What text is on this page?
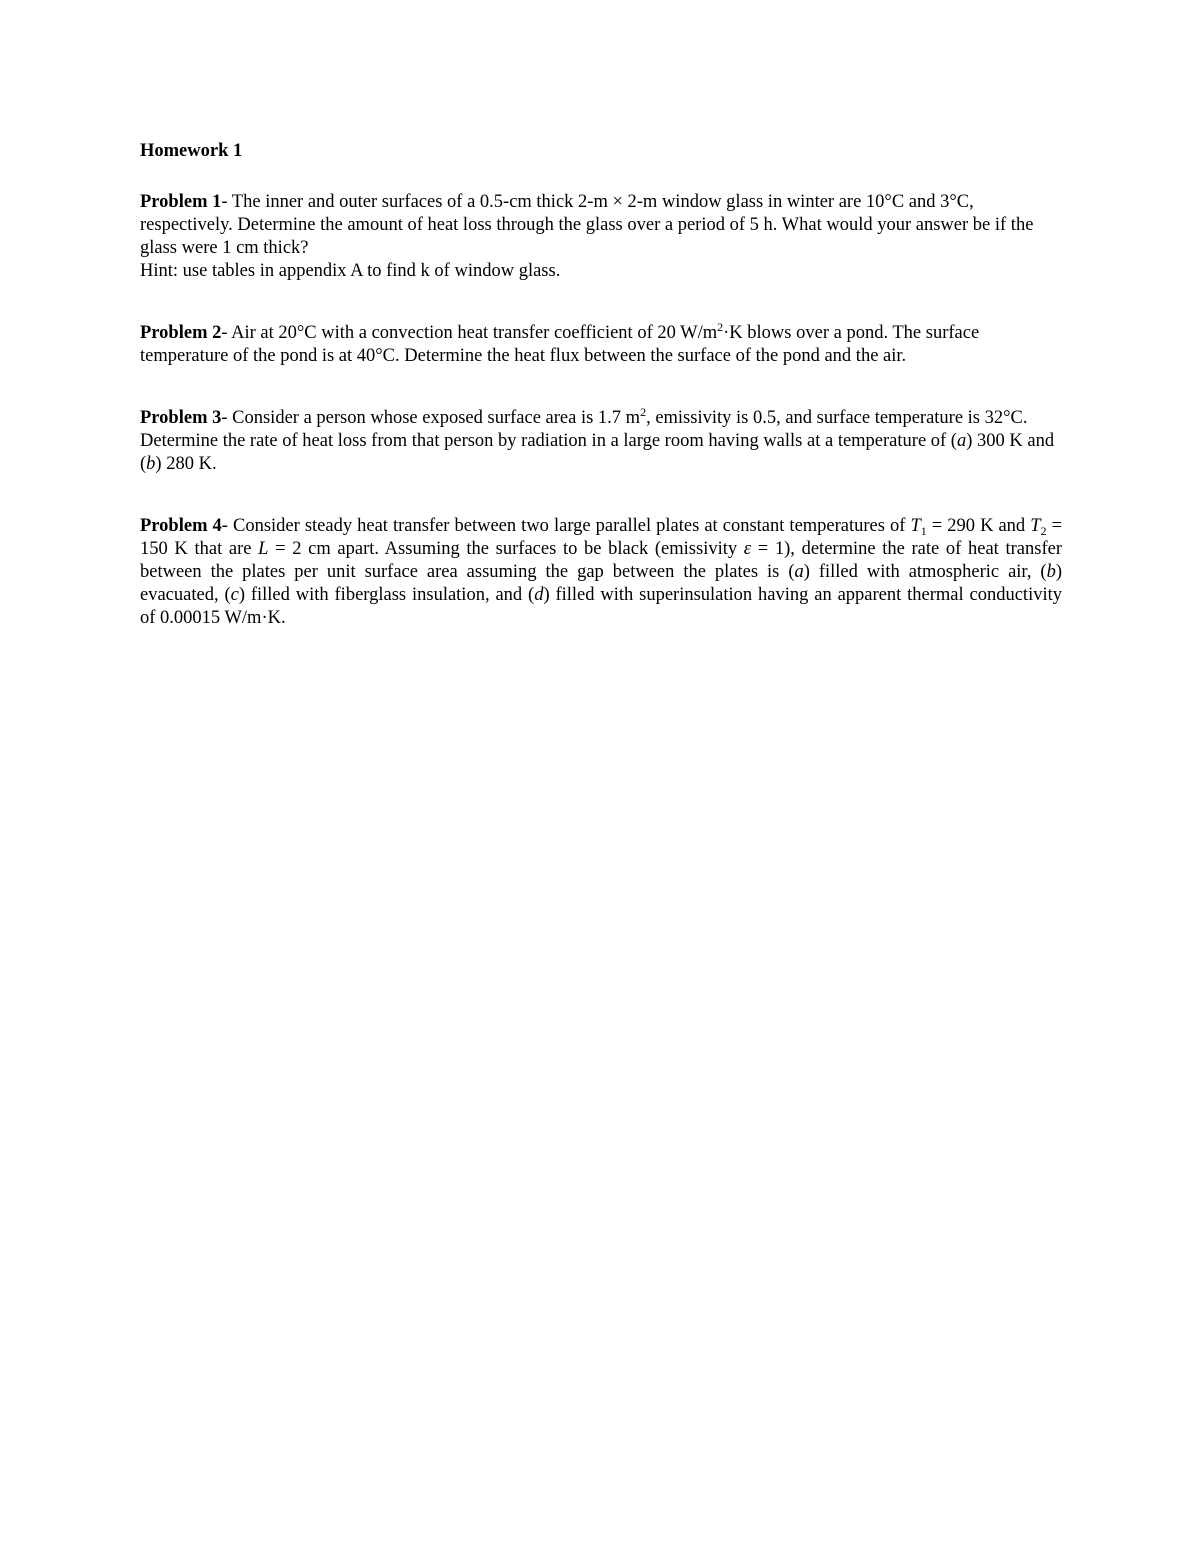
Homework 1

Problem 1- The inner and outer surfaces of a 0.5-cm thick 2-m × 2-m window glass in winter are 10°C and 3°C, respectively. Determine the amount of heat loss through the glass over a period of 5 h. What would your answer be if the glass were 1 cm thick?
Hint: use tables in appendix A to find k of window glass.

Problem 2- Air at 20°C with a convection heat transfer coefficient of 20 $W/m^2\cdot K$ blows over a pond. The surface temperature of the pond is at 40°C. Determine the heat flux between the surface of the pond and the air.

Problem 3- Consider a person whose exposed surface area is 1.7 $m^2$, emissivity is 0.5, and surface temperature is 32°C. Determine the rate of heat loss from that person by radiation in a large room having walls at a temperature of (a) 300 K and (b) 280 K.

Problem 4- Consider steady heat transfer between two large parallel plates at constant temperatures of $T_1 = 290$ K and $T_2 = 150$ K that are L = 2 cm apart. Assuming the surfaces to be black (emissivity ε = 1), determine the rate of heat transfer between the plates per unit surface area assuming the gap between the plates is (a) filled with atmospheric air, (b) evacuated, (c) filled with fiberglass insulation, and (d) filled with superinsulation having an apparent thermal conductivity of 0.00015 W/m·K.
